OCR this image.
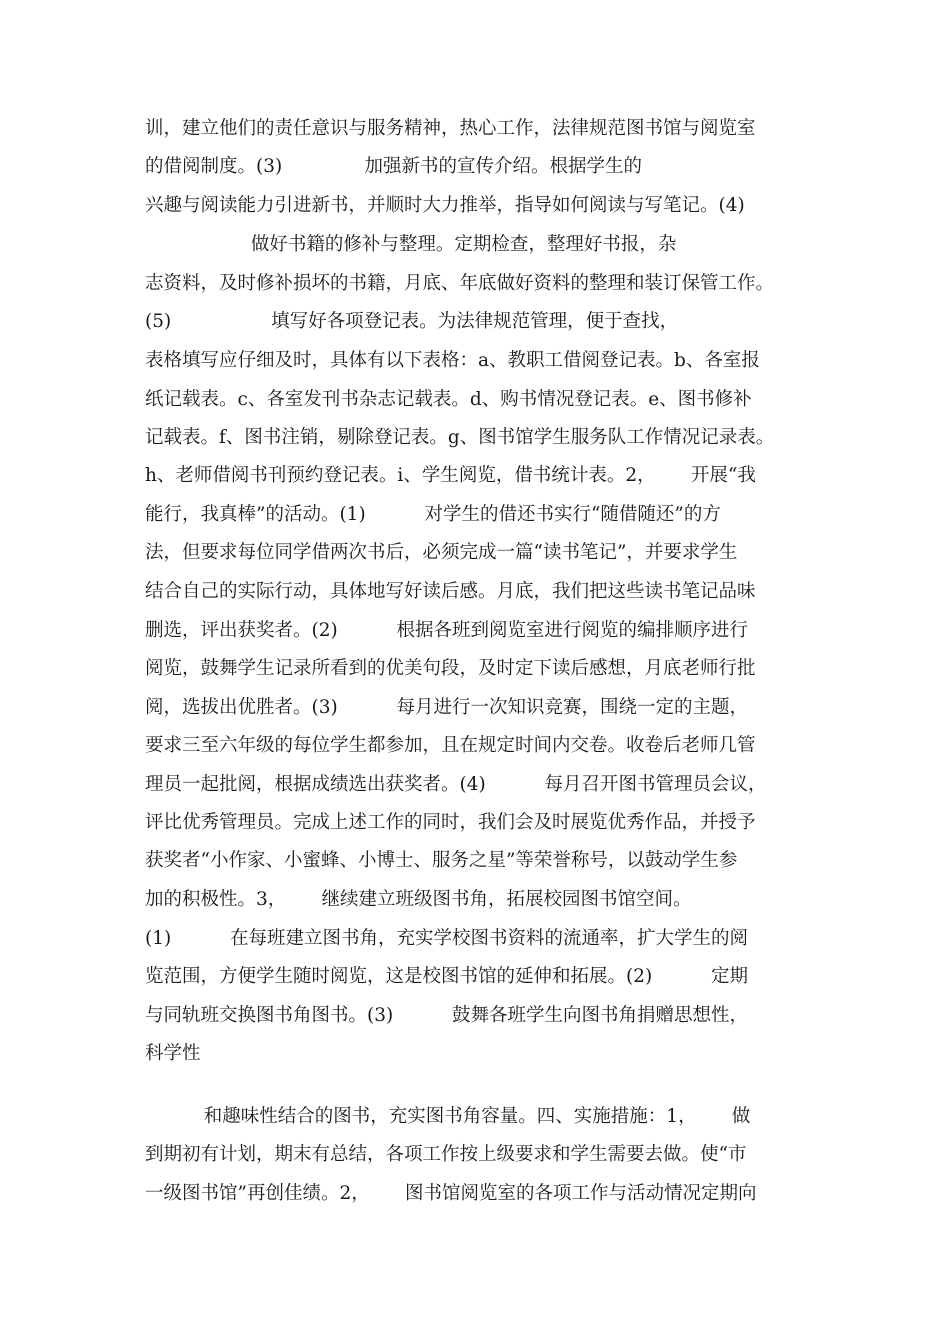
训，建立他们的责任意识与服务精神，热心工作，法律规范图书馆与阅览室
的借阅制度。(3)              加强新书的宣传介绍。根据学生的
兴趣与阅读能力引进新书，并顺时大力推举，指导如何阅读与写笔记。(4)
做好书籍的修补与整理。定期检查，整理好书报，杂
志资料，及时修补损坏的书籍，月底、年底做好资料的整理和装订保管工作。
(5)                 填写好各项登记表。为法律规范管理，便于查找，
表格填写应仔细及时，具体有以下表格：a、教职工借阅登记表。b、各室报
纸记载表。c、各室发刊书杂志记载表。d、购书情况登记表。e、图书修补
记载表。f、图书注销，剔除登记表。g、图书馆学生服务队工作情况记录表。
h、老师借阅书刊预约登记表。i、学生阅览，借书统计表。2，      开展“我
能行，我真棒”的活动。(1)          对学生的借还书实行“随借随还”的方
法，但要求每位同学借两次书后，必须完成一篇“读书笔记”，并要求学生
结合自己的实际行动，具体地写好读后感。月底，我们把这些读书笔记品味
删选，评出获奖者。(2)          根据各班到阅览室进行阅览的编排顺序进行
阅览，鼓舞学生记录所看到的优美句段，及时定下读后感想，月底老师行批
阅，选拔出优胜者。(3)          每月进行一次知识竞赛，围绕一定的主题，
要求三至六年级的每位学生都参加，且在规定时间内交卷。收卷后老师几管
理员一起批阅，根据成绩选出获奖者。(4)          每月召开图书管理员会议，
评比优秀管理员。完成上述工作的同时，我们会及时展览优秀作品，并授予
获奖者“小作家、小蜜蜂、小博士、服务之星”等荣誉称号，以鼓动学生参
加的积极性。3，      继续建立班级图书角，拓展校园图书馆空间。
(1)          在每班建立图书角，充实学校图书资料的流通率，扩大学生的阅
览范围，方便学生随时阅览，这是校图书馆的延伸和拓展。(2)          定期
与同轨班交换图书角图书。(3)          鼓舞各班学生向图书角捐赠思想性，
科学性
和趣味性结合的图书，充实图书角容量。四、实施措施：1，      做
到期初有计划，期末有总结，各项工作按上级要求和学生需要去做。使“市
一级图书馆”再创佳绩。2，      图书馆阅览室的各项工作与活动情况定期向
